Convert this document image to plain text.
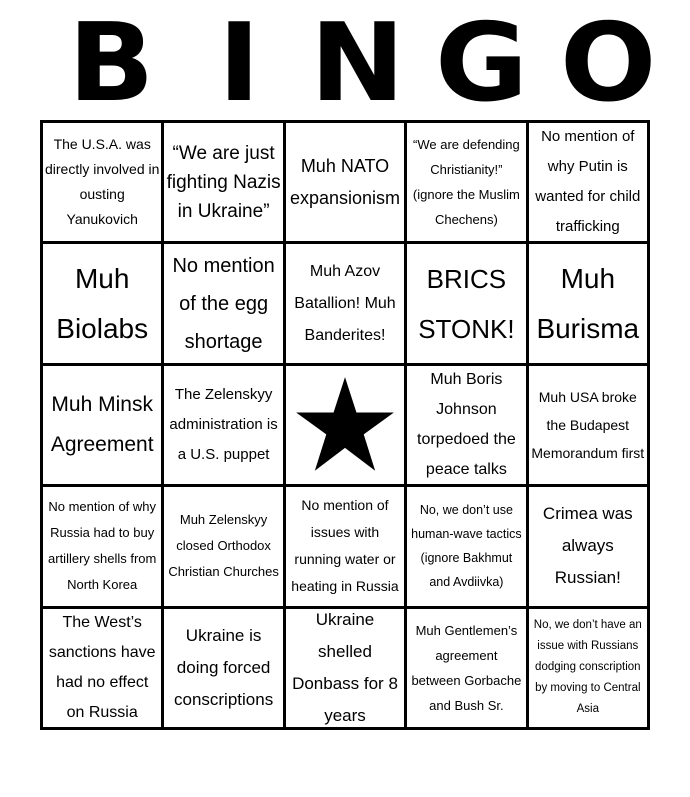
B I N G O
The U.S.A. was directly involved in ousting Yanukovich
“We are just fighting Nazis in Ukraine”
Muh NATO expansionism
“We are defending Christianity!” (ignore the Muslim Chechens)
No mention of why Putin is wanted for child trafficking
Muh Biolabs
No mention of the egg shortage
Muh Azov Batallion! Muh Banderites!
BRICS STONK!
Muh Burisma
Muh Minsk Agreement
The Zelenskyy administration is a U.S. puppet
Muh Boris Johnson torpedoed the peace talks
Muh USA broke the Budapest Memorandum first
No mention of why Russia had to buy artillery shells from North Korea
Muh Zelenskyy closed Orthodox Christian Churches
No mention of issues with running water or heating in Russia
No, we don’t use human-wave tactics (ignore Bakhmut and Avdiivka)
Crimea was always Russian!
The West’s sanctions have had no effect on Russia
Ukraine is doing forced conscriptions
Ukraine shelled Donbass for 8 years
Muh Gentlemen’s agreement between Gorbache and Bush Sr.
No, we don’t have an issue with Russians dodging conscription by moving to Central Asia
